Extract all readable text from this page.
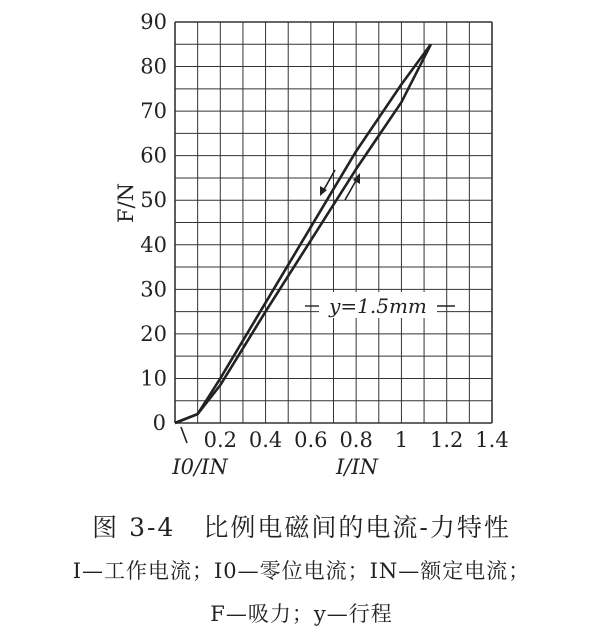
0
10
20
30
40
50
60
70
80
90
F/N
0.2 0.4 0.6 0.8 1 1.2 1.4
y=1.5mm
I0/IN	I/IN
图 3-4 比例电磁间的电流-力特性
I—工作电流；I0—零位电流；IN—额定电流；
F—吸力；y—行程
